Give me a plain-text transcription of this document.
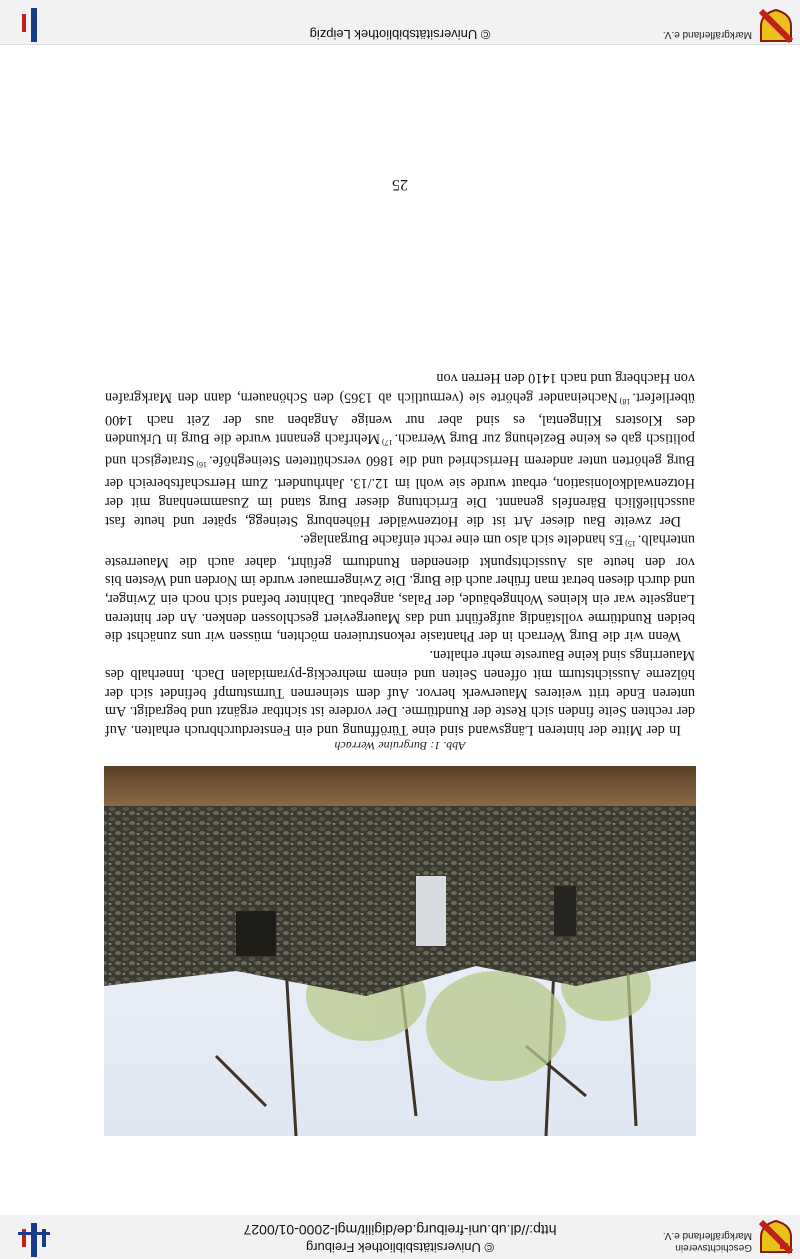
Geschichtsverein
Markgräflerland e.V.
© Universitätsbibliothek Freiburg
http://dl.ub.uni-freiburg.de/digilit/mgl-2000-01/0027
Abb. 1: Burgruine Werrach

In der Mitte der hinteren Längswand sind eine Türöffnung und ein Fensterdurchbruch erhalten. Auf der rechten Seite finden sich Reste der Rundtürme. Der vordere ist sichtbar ergänzt und begradigt. Am unteren Ende tritt weiteres Mauerwerk hervor. Auf dem steinernen Turmstumpf befindet sich der hölzerne Aussichtsturm mit offenen Seiten und einem mehreckig-pyramidalen Dach. Innerhalb des Mauerrings sind keine Baureste mehr erhalten.

Wenn wir die Burg Werrach in der Phantasie rekonstruieren möchten, müssen wir uns zunächst die beiden Rundtürme vollständig aufgeführt und das Mauergeviert geschlossen denken. An der hinteren Langseite war ein kleines Wohngebäude, der Palas, angebaut. Dahinter befand sich noch ein Zwinger, und durch diesen betrat man früher auch die Burg. Die Zwingermauer wurde im Norden und Westen bis vor den heute als Aussichtspunkt dienenden Rundturm geführt, daher auch die Mauerreste unterhalb.$^{15)}$Es handelte sich also um eine recht einfache Burganlage.

Der zweite Bau dieser Art ist die Hotzenwälder Höhenburg Steinegg, später und heute fast ausschließlich Bärenfels genannt. Die Errichtung dieser Burg stand im Zusammenhang mit der Hotzenwaldkolonisation, erbaut wurde sie wohl im 12./13. Jahrhundert. Zum Herrschaftsbereich der Burg gehörten unter anderem Herrischried und die 1860 verschütteten Steineghöfe.$^{16)}$Strategisch und politisch gab es keine Beziehung zur Burg Werrach.$^{17)}$Mehrfach genannt wurde die Burg in Urkunden des Klosters Klingental, es sind aber nur wenige Angaben aus der Zeit nach 1400 überliefert.$^{18)}$Nacheinander gehörte sie (vermutlich ab 1365) den Schönauern, dann den Markgrafen von Hachberg und nach 1410 den Herren von

25
Markgräflerland e.V.
© Universitätsbibliothek Leipzig
